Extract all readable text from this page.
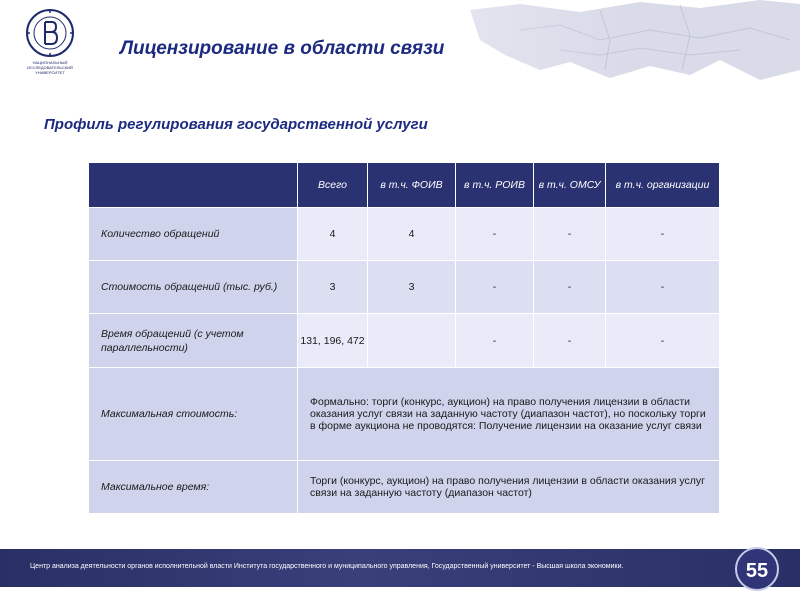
НАЦИОНАЛЬНЫЙ ИССЛЕДОВАТЕЛЬСКИЙ
УНИВЕРСИТЕТ
Лицензирование в области связи
Профиль регулирования государственной услуги
	Всего	в т.ч. ФОИВ	в т.ч. РОИВ	в т.ч. ОМСУ	в т.ч. организации
Количество обращений	4	4	-	-	-
Стоимость обращений (тыс. руб.)	3	3	-	-	-
Время обращений (с учетом параллельности)	131, 196, 472		-	-	-
Максимальная стоимость:	Формально: торги (конкурс, аукцион) на право получения лицензии в области оказания услуг связи на заданную частоту (диапазон частот), но поскольку торги в форме аукциона не проводятся: Получение лицензии на оказание услуг связи				
Максимальное время:	Торги (конкурс, аукцион) на право получения лицензии в области оказания услуг связи на заданную частоту (диапазон частот)				
Центр анализа деятельности органов исполнительной власти Института государственного и муниципального управления, Государственный университет - Высшая школа экономики.	55
